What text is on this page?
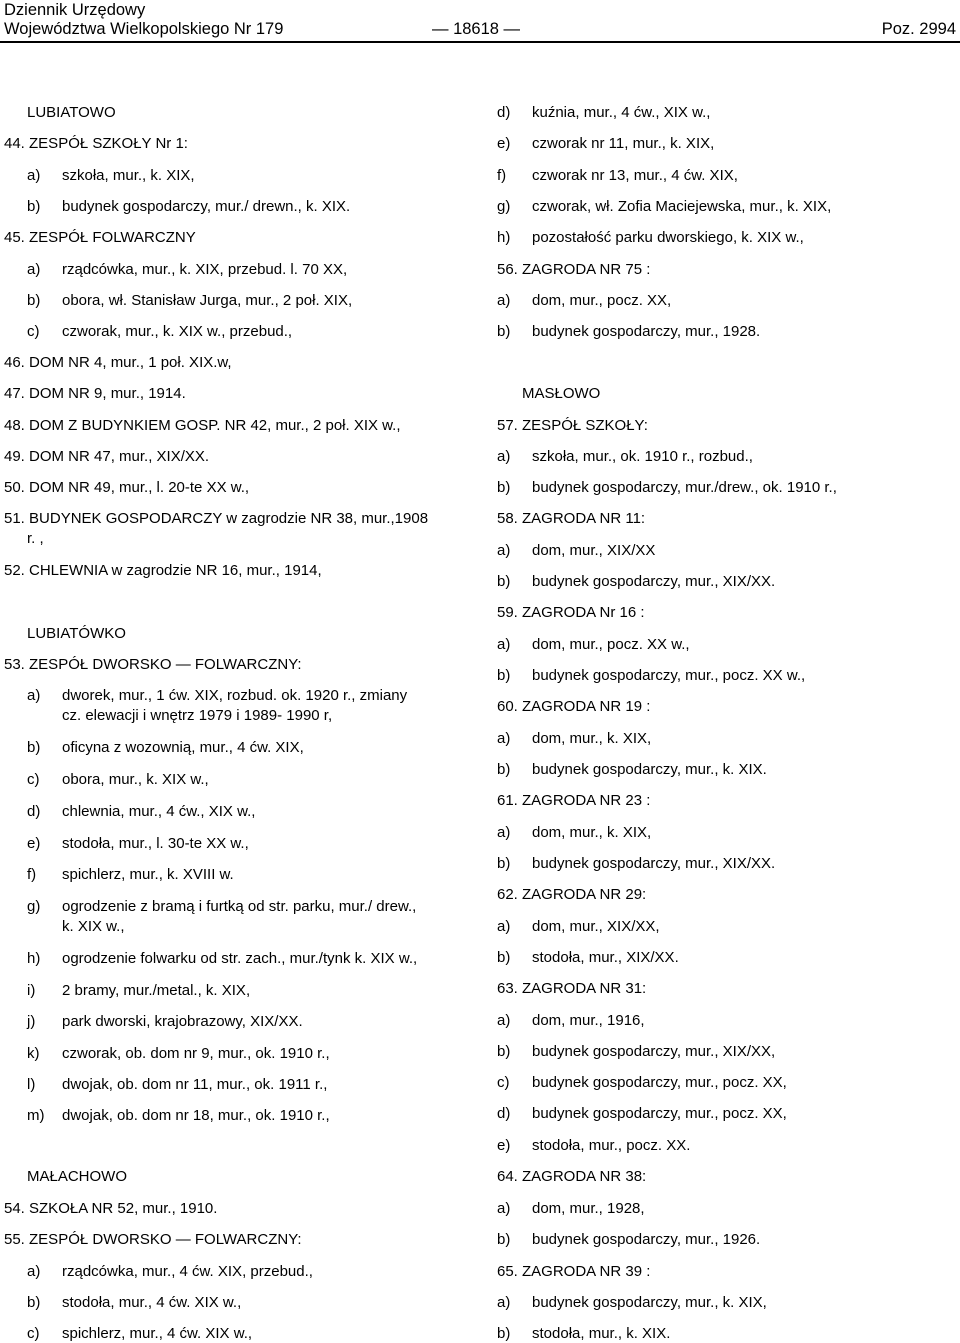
Dziennik Urzędowy
Województwa Wielkopolskiego Nr 179	— 18618 —	Poz. 2994
LUBIATOWO
44. ZESPÓŁ SZKOŁY Nr 1:
a) szkoła, mur., k. XIX,
b) budynek gospodarczy, mur./ drewn., k. XIX.
45. ZESPÓŁ FOLWARCZNY
a) rządcówka, mur., k. XIX, przebud. l. 70 XX,
b) obora, wł. Stanisław Jurga, mur., 2 poł. XIX,
c) czworak, mur., k. XIX w., przebud.,
46. DOM NR 4, mur., 1 poł. XIX.w,
47. DOM NR 9, mur., 1914.
48. DOM Z BUDYNKIEM GOSP. NR 42, mur., 2 poł. XIX w.,
49. DOM NR 47, mur., XIX/XX.
50. DOM NR 49, mur., l. 20-te XX w.,
51. BUDYNEK GOSPODARCZY w zagrodzie NR 38, mur.,1908
r. ,
52. CHLEWNIA w zagrodzie NR 16, mur., 1914,
LUBIATÓWKO
53. ZESPÓŁ DWORSKO — FOLWARCZNY:
a) dworek, mur., 1 ćw. XIX, rozbud. ok. 1920 r., zmiany
cz. elewacji i wnętrz 1979 i 1989- 1990 r,
b) oficyna z wozownią, mur., 4 ćw. XIX,
c) obora, mur., k. XIX w.,
d) chlewnia, mur., 4 ćw., XIX w.,
e) stodoła, mur., l. 30-te XX w.,
f) spichlerz, mur., k. XVIII w.
g) ogrodzenie z bramą i furtką od str. parku, mur./ drew.,
k. XIX w.,
h) ogrodzenie folwarku od str. zach., mur./tynk k. XIX w.,
i) 2 bramy, mur./metal., k. XIX,
j) park dworski, krajobrazowy, XIX/XX.
k) czworak, ob. dom nr 9, mur., ok. 1910 r.,
l) dwojak, ob. dom nr 11, mur., ok. 1911 r.,
m) dwojak, ob. dom nr 18, mur., ok. 1910 r.,
MAŁACHOWO
54. SZKOŁA NR 52, mur., 1910.
55. ZESPÓŁ DWORSKO — FOLWARCZNY:
a) rządcówka, mur., 4 ćw. XIX, przebud.,
b) stodoła, mur., 4 ćw. XIX w.,
c) spichlerz, mur., 4 ćw. XIX w.,
d) kuźnia, mur., 4 ćw., XIX w.,
e) czworak nr 11, mur., k. XIX,
f) czworak nr 13, mur., 4 ćw. XIX,
g) czworak, wł. Zofia Maciejewska, mur., k. XIX,
h) pozostałość parku dworskiego, k. XIX w.,
56. ZAGRODA NR 75 :
a) dom, mur., pocz. XX,
b) budynek gospodarczy, mur., 1928.
MASŁOWO
57. ZESPÓŁ SZKOŁY:
a) szkoła, mur., ok. 1910 r., rozbud.,
b) budynek gospodarczy, mur./drew., ok. 1910 r.,
58. ZAGRODA NR 11:
a) dom, mur., XIX/XX
b) budynek gospodarczy, mur., XIX/XX.
59. ZAGRODA Nr 16 :
a) dom, mur., pocz. XX w.,
b) budynek gospodarczy, mur., pocz. XX w.,
60. ZAGRODA NR 19 :
a) dom, mur., k. XIX,
b) budynek gospodarczy, mur., k. XIX.
61. ZAGRODA NR 23 :
a) dom, mur., k. XIX,
b) budynek gospodarczy, mur., XIX/XX.
62. ZAGRODA NR 29:
a) dom, mur., XIX/XX,
b) stodoła, mur., XIX/XX.
63. ZAGRODA NR 31:
a) dom, mur., 1916,
b) budynek gospodarczy, mur., XIX/XX,
c) budynek gospodarczy, mur., pocz. XX,
d) budynek gospodarczy, mur., pocz. XX,
e) stodoła, mur., pocz. XX.
64. ZAGRODA NR 38:
a) dom, mur., 1928,
b) budynek gospodarczy, mur., 1926.
65. ZAGRODA NR 39 :
a) budynek gospodarczy, mur., k. XIX,
b) stodoła, mur., k. XIX.
